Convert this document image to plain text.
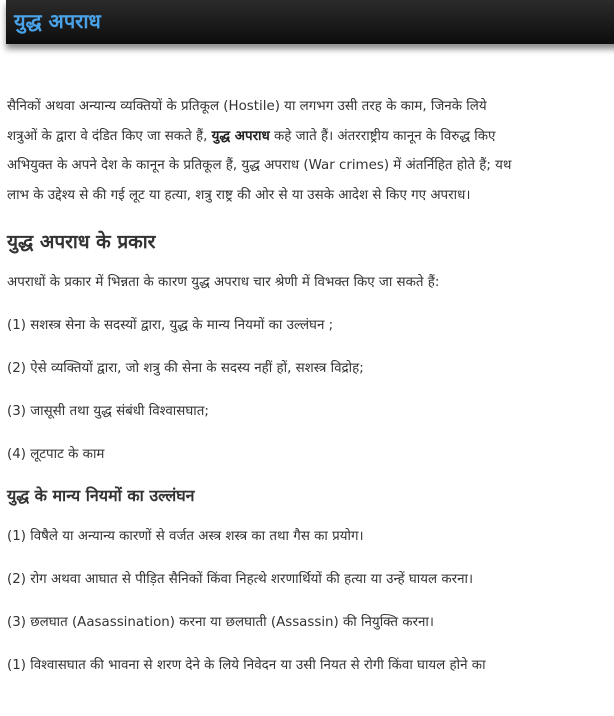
युद्ध अपराध

सैनिकों अथवा अन्यान्य व्यक्तियों के प्रतिकूल (Hostile) या लगभग उसी तरह के काम, जिनके लिये

शत्रुओं के द्वारा वे दंडित किए जा सकते हैं, युद्ध अपराध कहे जाते हैं। अंतरराष्ट्रीय कानून के विरुद्ध किए

अभियुक्त के अपने देश के कानून के प्रतिकूल हैं, युद्ध अपराध (War crimes) में अंतर्निहित होते हैं; यथ

लाभ के उद्देश्य से की गई लूट या हत्या, शत्रु राष्ट्र की ओर से या उसके आदेश से किए गए अपराध।

युद्ध अपराध के प्रकार

अपराधों के प्रकार में भिन्नता के कारण युद्ध अपराध चार श्रेणी में विभक्त किए जा सकते हैं:

(1) सशस्त्र सेना के सदस्यों द्वारा, युद्ध के मान्य नियमों का उल्लंघन ;

(2) ऐसे व्यक्तियों द्वारा, जो शत्रु की सेना के सदस्य नहीं हों, सशस्त्र विद्रोह;

(3) जासूसी तथा युद्ध संबंधी विश्वासघात;

(4) लूटपाट के काम

युद्ध के मान्य नियमों का उल्लंघन

(1) विषैले या अन्यान्य कारणों से वर्जत अस्त्र शस्त्र का तथा गैस का प्रयोग।

(2) रोग अथवा आघात से पीड़ित सैनिकों किंवा निहत्थे शरणार्थियों की हत्या या उन्हें घायल करना।

(3) छलघात (Aasassination) करना या छलघाती (Assassin) की नियुक्ति करना।

(1) विश्वासघात की भावना से शरण देने के लिये निवेदन या उसी नियत से रोगी किंवा घायल होने का
